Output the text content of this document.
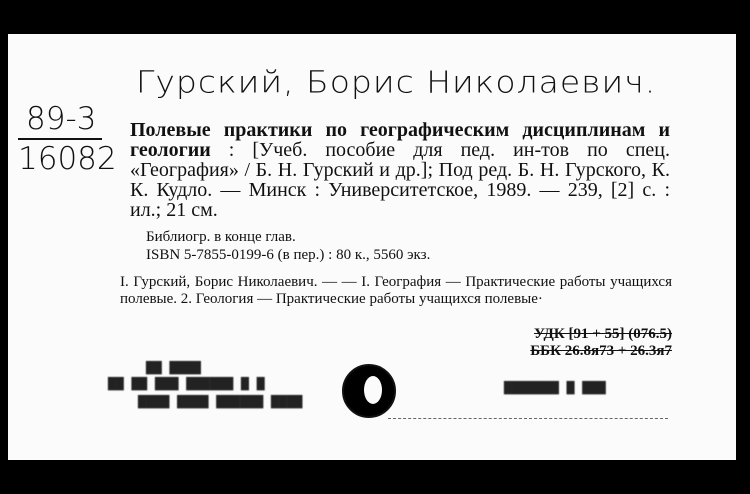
Гурский, Борис Николаевич.
89-3
16082

Полевые практики по географическим дисциплинам и геологии : [Учеб. пособие для пед. ин-тов по спец. «География» / Б. Н. Гурский и др.]; Под ред. Б. Н. Гурского, К. К. Кудло. — Минск : Университетское, 1989. — 239, [2] с. : ил.; 21 см.

Библиогр. в конце глав.
ISBN 5-7855-0199-6 (в пер.) : 80 к., 5560 экз.
I. Гурский, Борис Николаевич. — — I. География — Практические работы учащихся полевые. 2. Геология — Практические работы учащихся полевые·
УДК [91 + 55] (076.5)
ББК 26.8я73 + 26.3я7
▇▇ ▇▇▇▇
▇▇ ▇▇ ▇▇▇ ▇▇▇▇▇▇ ▇ ▇
▇▇▇▇ ▇▇▇▇ ▇▇▇▇▇▇ ▇▇▇▇
▇▇▇▇▇▇▇ ▇ ▇▇▇
